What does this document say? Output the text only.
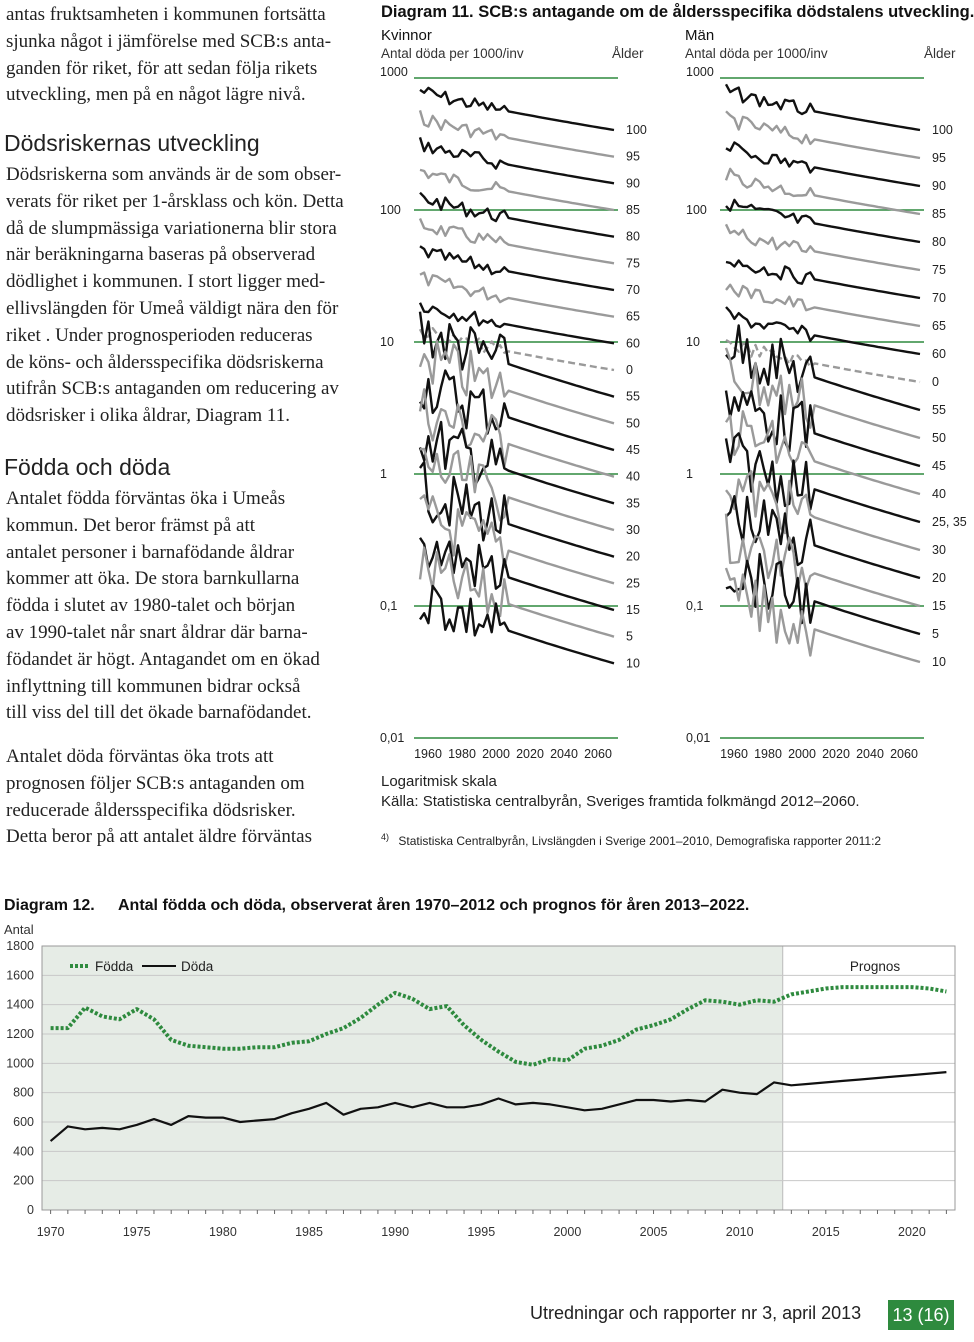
antas fruktsamheten i kommunen fortsätta
sjunka något i jämförelse med SCB:s anta-
ganden för riket, för att sedan följa rikets
utveckling, men på en något lägre nivå.
Dödsriskernas utveckling
Dödsriskerna som används är de som obser-
verats för riket per 1-årsklass och kön. Detta
då de slumpmässiga variationerna blir stora
när beräkningarna baseras på observerad
dödlighet i kommunen. I stort ligger med-
ellivslängden för Umeå väldigt nära den för
riket . Under prognosperioden reduceras
de köns- och åldersspecifika dödsriskerna
utifrån SCB:s antaganden om reducering av
dödsrisker i olika åldrar, Diagram 11.
Födda och döda
Antalet födda förväntas öka i Umeås
kommun. Det beror främst på att
antalet personer i barnafödande åldrar
kommer att öka. De stora barnkullarna
födda i slutet av 1980-talet och början
av 1990-talet når snart åldrar där barna-
födandet är högt. Antagandet om en ökad
inflyttning till kommunen bidrar också
till viss del till det ökade barnafödandet.
Antalet döda förväntas öka trots att
prognosen följer SCB:s antaganden om
reducerade åldersspecifika dödsrisker.
Detta beror på att antalet äldre förväntas
Diagram 11. SCB:s antagande om de åldersspecifika dödstalens utveckling.
Kvinnor	Män
Antal döda per 1000/inv	Ålder	Antal döda per 1000/inv	Ålder
1000
100
10
1
0,1
0,01
1960 1980 2000 2020 2040 2060
100
95
90
85
80
75
70
65
60
0
55
50
45
40
35
30
20
25
15
5
10
1000
100
10
1
0,1
0,01
1960 1980 2000 2020 2040 2060
100
95
90
85
80
75
70
65
60
0
55
50
45
40
25, 35
30
20
15
5
10
Logaritmisk skala
Källa: Statistiska centralbyrån, Sveriges framtida folkmängd 2012–2060.
$^{4)}$ Statistiska Centralbyrån, Livslängden i Sverige 2001–2010, Demografiska rapporter 2011:2
Diagram 12. Antal födda och döda, observerat åren 1970–2012 och prognos för åren 2013–2022.
Antal
0
200
400
600
800
1000
1200
1400
1600
1800
1970	1975	1980	1985	1990	1995	2000	2005	2010	2015	2020
Födda	Döda	Prognos
Utredningar och rapporter nr 3, april 2013 13 (16)
